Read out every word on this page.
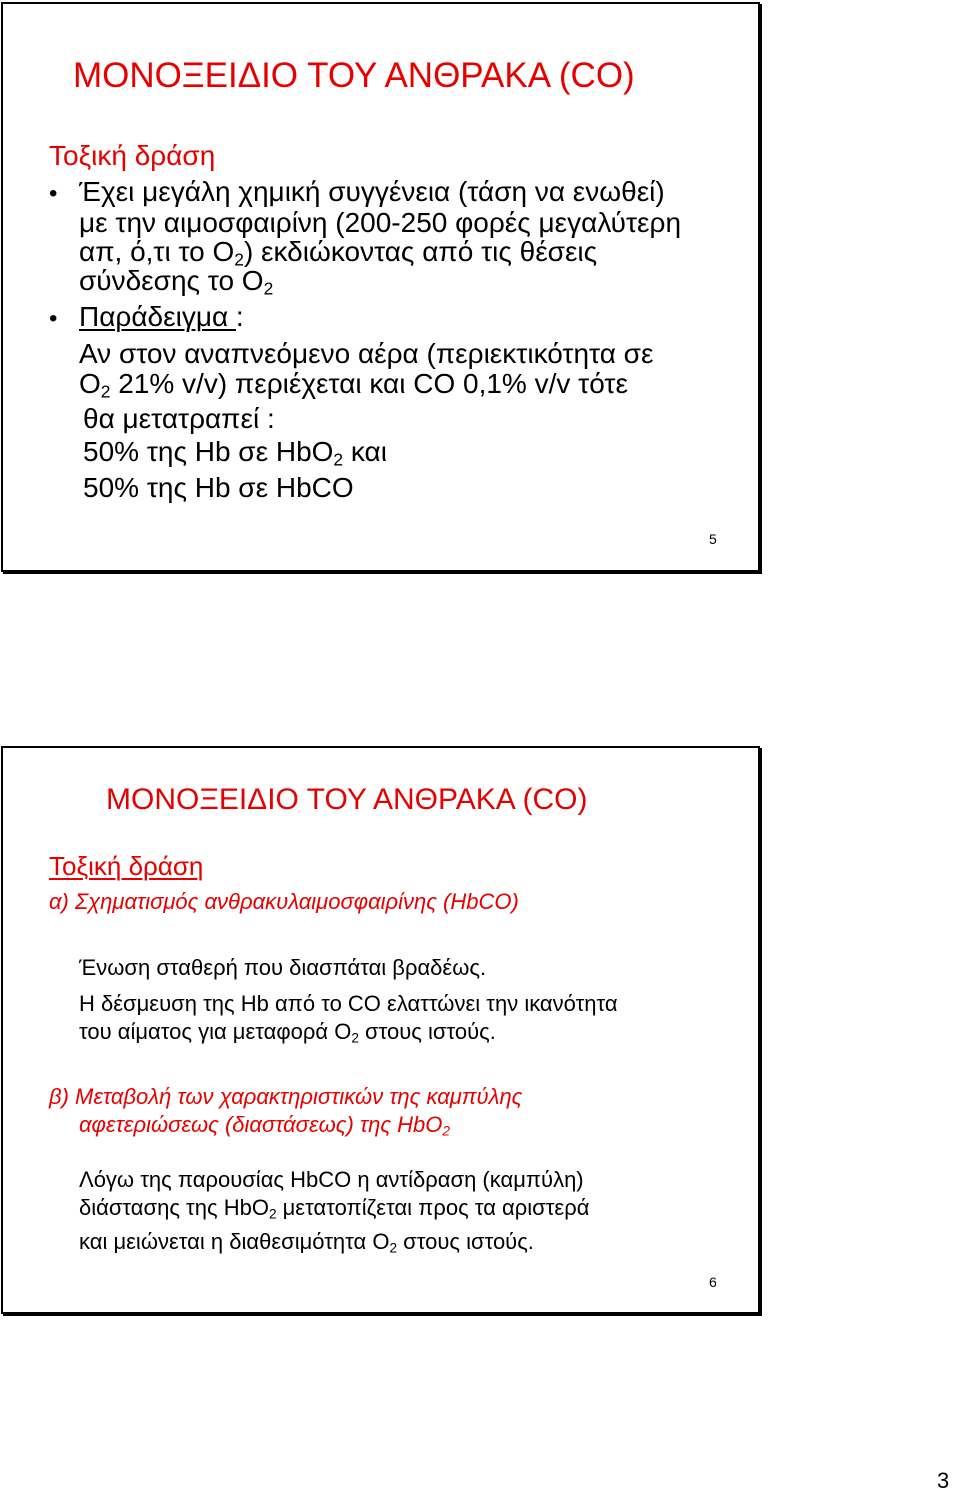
ΜΟΝΟΞΕΙΔΙΟ ΤΟΥ ΑΝΘΡΑΚΑ (CO)
Τοξική δράση
• Έχει μεγάλη χημική συγγένεια (τάση να ενωθεί)
με την αιμοσφαιρίνη (200-250 φορές μεγαλύτερη
απ, ό,τι το $O_2$) εκδιώκοντας από τις θέσεις
σύνδεσης το $O_2$
• Παράδειγμα :
Αν στον αναπνεόμενο αέρα (περιεκτικότητα σε
$O_2$ 21% v/v) περιέχεται και CO 0,1% v/v τότε
θα μετατραπεί :
50% της Hb σε HbO$_2$ και
50% της Hb σε HbCO
5
ΜΟΝΟΞΕΙΔΙΟ ΤΟΥ ΑΝΘΡΑΚΑ (CO)
Τοξική δράση
α) Σχηματισμός ανθρακυλαιμοσφαιρίνης (HbCO)
Ένωση σταθερή που διασπάται βραδέως.
Η δέσμευση της Hb από το CO ελαττώνει την ικανότητα
του αίματος για μεταφορά $O_2$ στους ιστούς.
β) Μεταβολή των χαρακτηριστικών της καμπύλης
αφετεριώσεως (διαστάσεως) της HbO$_2$
Λόγω της παρουσίας HbCO η αντίδραση (καμπύλη)
διάστασης της HbO$_2$ μετατοπίζεται προς τα αριστερά
και μειώνεται η διαθεσιμότητα $O_2$ στους ιστούς.
6
3
